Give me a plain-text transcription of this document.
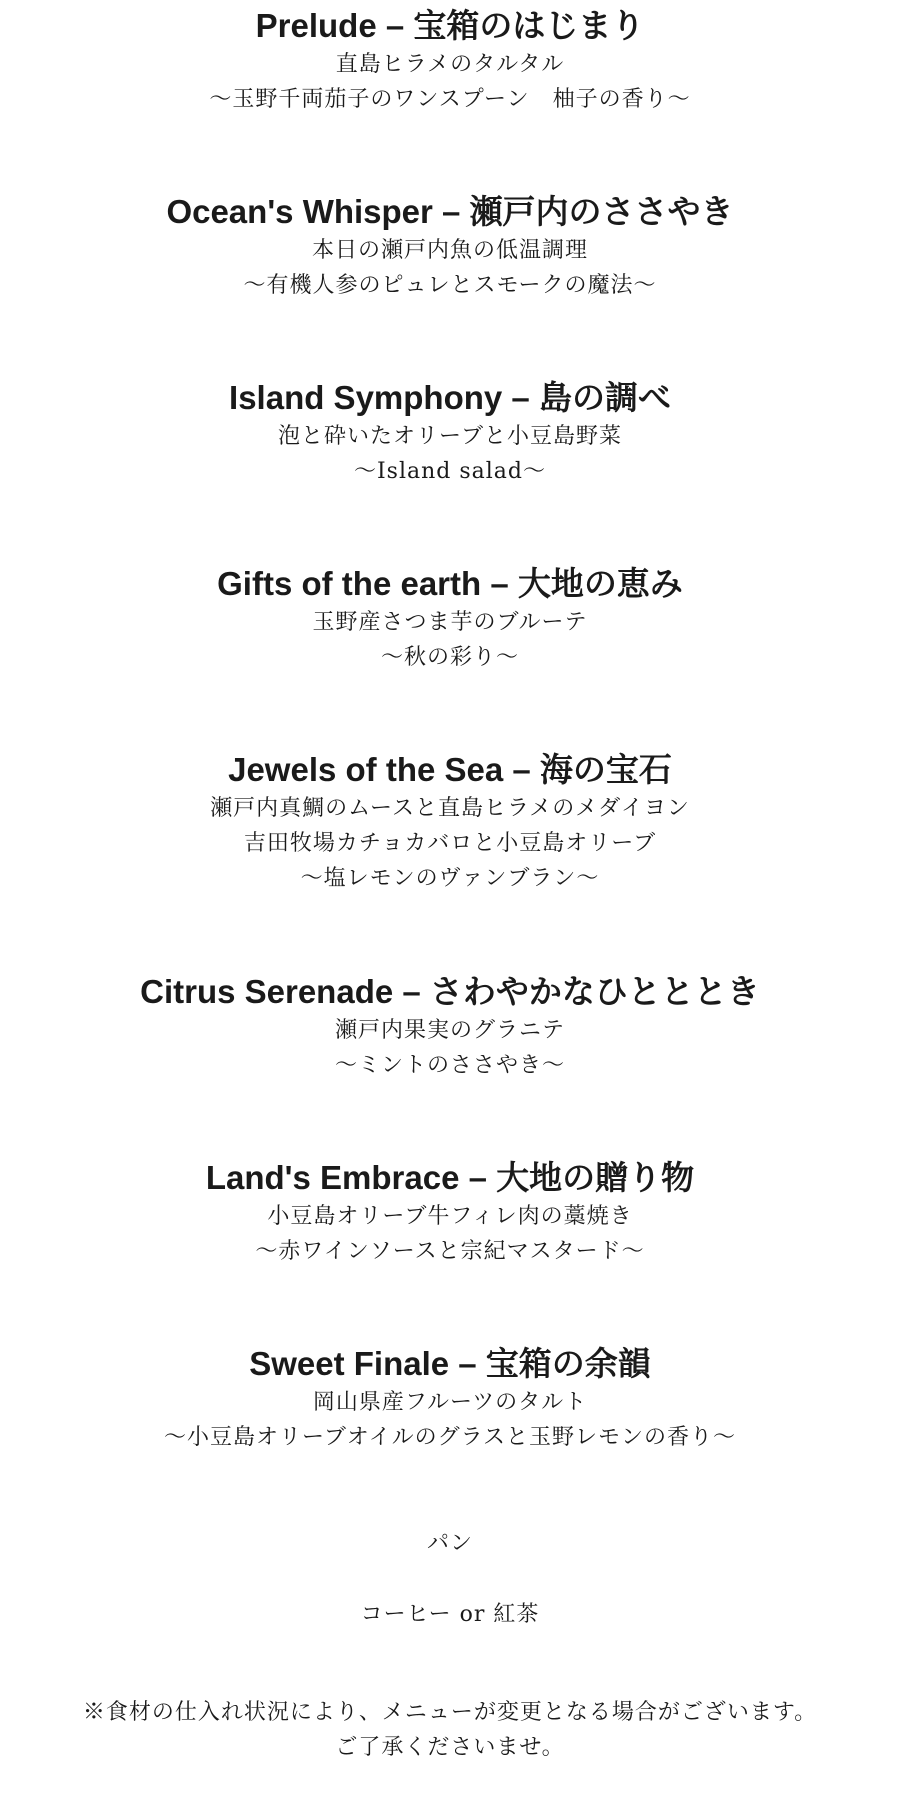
Prelude – 宝箱のはじまり

直島ヒラメのタルタル

〜玉野千両茄子のワンスプーン　柚子の香り〜

Ocean's Whisper – 瀬戸内のささやき

本日の瀬戸内魚の低温調理

〜有機人参のピュレとスモークの魔法〜

Island Symphony – 島の調べ

泡と砕いたオリーブと小豆島野菜

〜Island salad〜

Gifts of the earth – 大地の恵み

玉野産さつま芋のブルーテ

〜秋の彩り〜

Jewels of the Sea – 海の宝石

瀬戸内真鯛のムースと直島ヒラメのメダイヨン

吉田牧場カチョカバロと小豆島オリーブ

〜塩レモンのヴァンブラン〜

Citrus Serenade – さわやかなひとととき

瀬戸内果実のグラニテ

〜ミントのささやき〜

Land's Embrace – 大地の贈り物

小豆島オリーブ牛フィレ肉の藁焼き

〜赤ワインソースと宗紀マスタード〜

Sweet Finale – 宝箱の余韻

岡山県産フルーツのタルト

〜小豆島オリーブオイルのグラスと玉野レモンの香り〜

パン
コーヒー or 紅茶

※食材の仕入れ状況により、メニューが変更となる場合がございます。

ご了承くださいませ。
